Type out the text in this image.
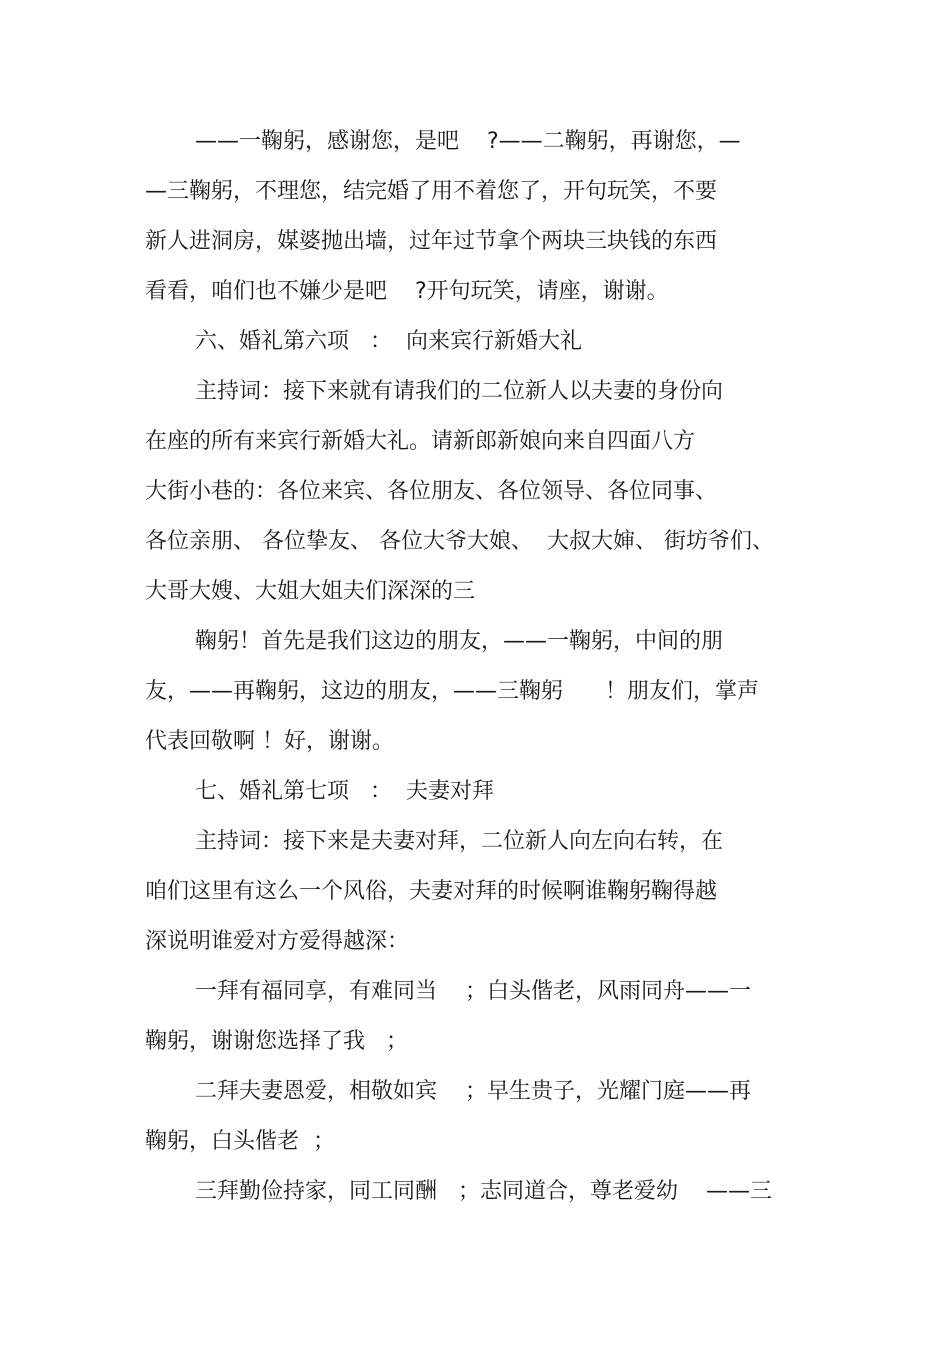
——一鞠躬，感谢您，是吧    ?——二鞠躬，再谢您，—
—三鞠躬，不理您，结完婚了用不着您了，开句玩笑，不要
新人进洞房，媒婆抛出墙，过年过节拿个两块三块钱的东西
看看，咱们也不嫌少是吧    ?开句玩笑，请座，谢谢。
六、婚礼第六项   ：  向来宾行新婚大礼
主持词：接下来就有请我们的二位新人以夫妻的身份向
在座的所有来宾行新婚大礼。请新郎新娘向来自四面八方
大街小巷的：各位来宾、各位朋友、各位领导、各位同事、
各位亲朋、 各位挚友、 各位大爷大娘、  大叔大婶、 街坊爷们、
大哥大嫂、大姐大姐夫们深深的三
鞠躬！首先是我们这边的朋友，——一鞠躬，中间的朋
友，——再鞠躬，这边的朋友，——三鞠躬      ！朋友们，掌声
代表回敬啊 ！好，谢谢。
七、婚礼第七项   ：  夫妻对拜
主持词：接下来是夫妻对拜，二位新人向左向右转，在
咱们这里有这么一个风俗，夫妻对拜的时候啊谁鞠躬鞠得越
深说明谁爱对方爱得越深：
一拜有福同享，有难同当    ；白头偕老，风雨同舟——一
鞠躬，谢谢您选择了我   ；
二拜夫妻恩爱，相敬如宾    ；早生贵子，光耀门庭——再
鞠躬，白头偕老  ；
三拜勤俭持家，同工同酬   ；志同道合，尊老爱幼    ——三
